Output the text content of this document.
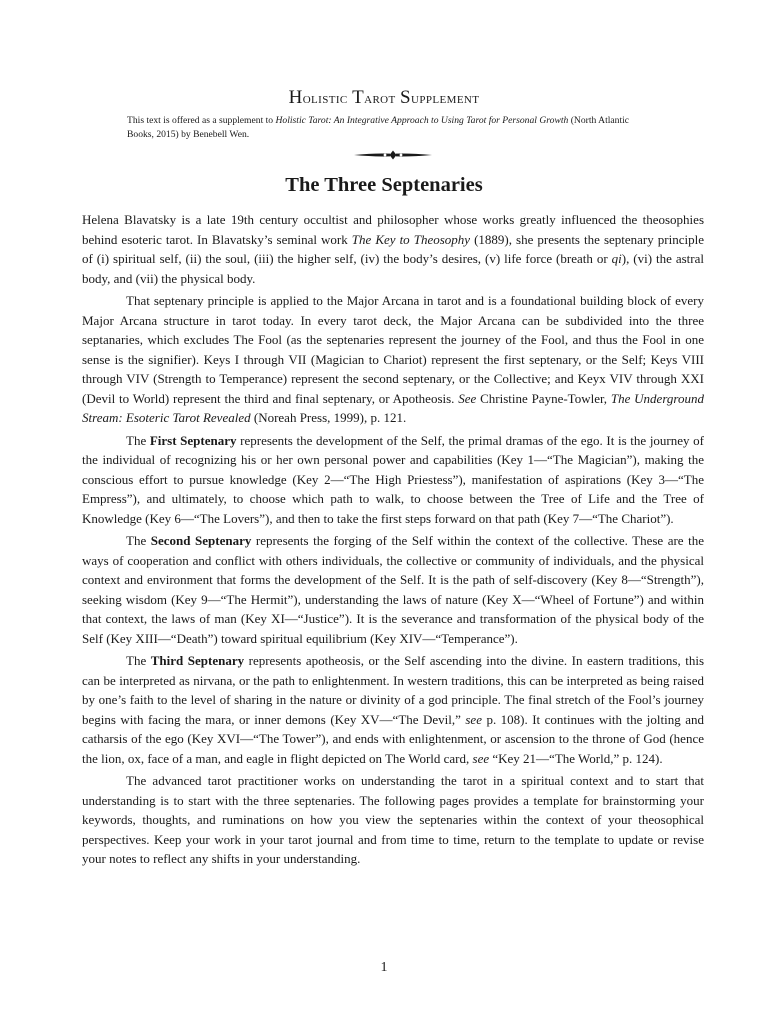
Holistic Tarot Supplement
This text is offered as a supplement to Holistic Tarot: An Integrative Approach to Using Tarot for Personal Growth (North Atlantic Books, 2015) by Benebell Wen.
The Three Septenaries

Helena Blavatsky is a late 19th century occultist and philosopher whose works greatly influenced the theosophies behind esoteric tarot. In Blavatsky’s seminal work The Key to Theosophy (1889), she presents the septenary principle of (i) spiritual self, (ii) the soul, (iii) the higher self, (iv) the body’s desires, (v) life force (breath or qi), (vi) the astral body, and (vii) the physical body.

That septenary principle is applied to the Major Arcana in tarot and is a foundational building block of every Major Arcana structure in tarot today. In every tarot deck, the Major Arcana can be subdivided into the three septanaries, which excludes The Fool (as the septenaries represent the journey of the Fool, and thus the Fool in one sense is the signifier). Keys I through VII (Magician to Chariot) represent the first septenary, or the Self; Keys VIII through VIV (Strength to Temperance) represent the second septenary, or the Collective; and Keyx VIV through XXI (Devil to World) represent the third and final septenary, or Apotheosis. See Christine Payne-Towler, The Underground Stream: Esoteric Tarot Revealed (Noreah Press, 1999), p. 121.

The First Septenary represents the development of the Self, the primal dramas of the ego. It is the journey of the individual of recognizing his or her own personal power and capabilities (Key 1—“The Magician”), making the conscious effort to pursue knowledge (Key 2—“The High Priestess”), manifestation of aspirations (Key 3—“The Empress”), and ultimately, to choose which path to walk, to choose between the Tree of Life and the Tree of Knowledge (Key 6—“The Lovers”), and then to take the first steps forward on that path (Key 7—“The Chariot”).

The Second Septenary represents the forging of the Self within the context of the collective. These are the ways of cooperation and conflict with others individuals, the collective or community of individuals, and the physical context and environment that forms the development of the Self. It is the path of self-discovery (Key 8—“Strength”), seeking wisdom (Key 9—“The Hermit”), understanding the laws of nature (Key X—“Wheel of Fortune”) and within that context, the laws of man (Key XI—“Justice”). It is the severance and transformation of the physical body of the Self (Key XIII—“Death”) toward spiritual equilibrium (Key XIV—“Temperance”).

The Third Septenary represents apotheosis, or the Self ascending into the divine. In eastern traditions, this can be interpreted as nirvana, or the path to enlightenment. In western traditions, this can be interpreted as being raised by one’s faith to the level of sharing in the nature or divinity of a god principle. The final stretch of the Fool’s journey begins with facing the mara, or inner demons (Key XV—“The Devil,” see p. 108). It continues with the jolting and catharsis of the ego (Key XVI—“The Tower”), and ends with enlightenment, or ascension to the throne of God (hence the lion, ox, face of a man, and eagle in flight depicted on The World card, see “Key 21—“The World,” p. 124).

The advanced tarot practitioner works on understanding the tarot in a spiritual context and to start that understanding is to start with the three septenaries. The following pages provides a template for brainstorming your keywords, thoughts, and ruminations on how you view the septenaries within the context of your theosophical perspectives. Keep your work in your tarot journal and from time to time, return to the template to update or revise your notes to reflect any shifts in your understanding.

1
